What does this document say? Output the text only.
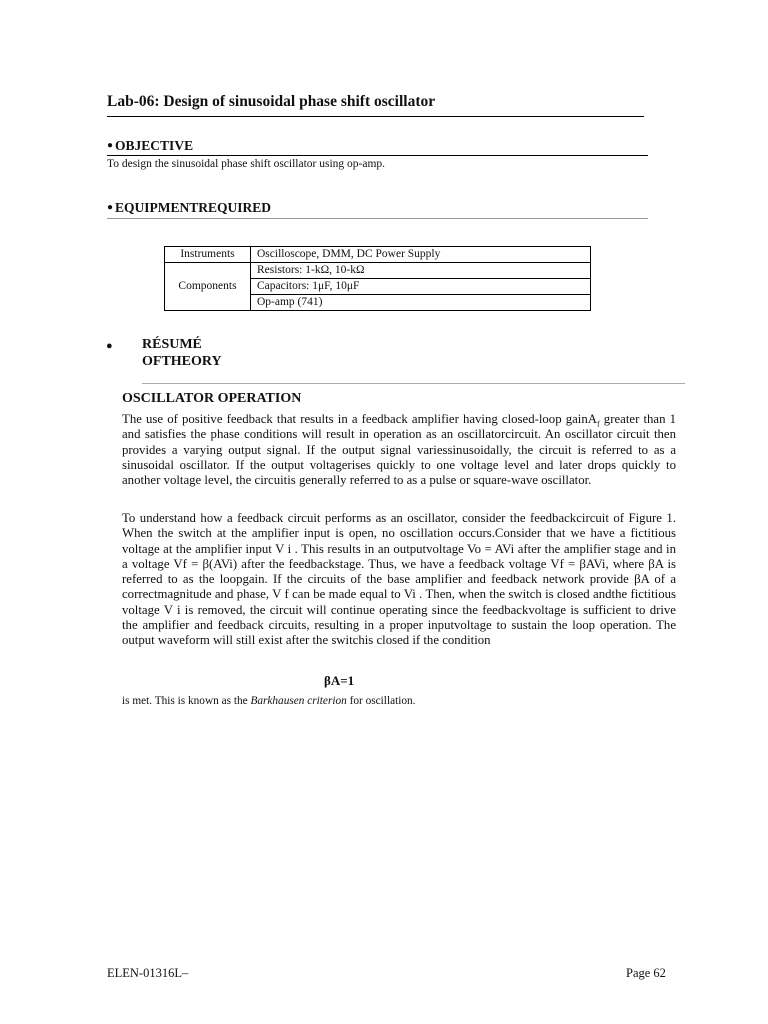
Lab-06: Design of sinusoidal phase shift oscillator
● OBJECTIVE
To design the sinusoidal phase shift oscillator using op-amp.
● EQUIPMENTREQUIRED
Instruments	Oscilloscope, DMM, DC Power Supply
Components	Resistors: 1-kΩ, 10-kΩ
	Capacitors: 1μF, 10μF
	Op-amp (741)
● RÉSUMÉ
OFTHEORY
OSCILLATOR OPERATION

The use of positive feedback that results in a feedback amplifier having closed-loop gainA$_f$ greater than 1 and satisfies the phase conditions will result in operation as an oscillatorcircuit. An oscillator circuit then provides a varying output signal. If the output signal variessinusoidally, the circuit is referred to as a sinusoidal oscillator. If the output voltagerises quickly to one voltage level and later drops quickly to another voltage level, the circuitis generally referred to as a pulse or square-wave oscillator.

To understand how a feedback circuit performs as an oscillator, consider the feedbackcircuit of Figure 1. When the switch at the amplifier input is open, no oscillation occurs.Consider that we have a fictitious voltage at the amplifier input V i . This results in an outputvoltage Vo = AVi after the amplifier stage and in a voltage Vf = β(AVi) after the feedbackstage. Thus, we have a feedback voltage Vf = βAVi, where βA is referred to as the loopgain. If the circuits of the base amplifier and feedback network provide βA of a correctmagnitude and phase, V f can be made equal to Vi . Then, when the switch is closed andthe fictitious voltage V i is removed, the circuit will continue operating since the feedbackvoltage is sufficient to drive the amplifier and feedback circuits, resulting in a proper inputvoltage to sustain the loop operation. The output waveform will still exist after the switchis closed if the condition

βA=1
is met. This is known as the Barkhausen criterion for oscillation.
ELEN-01316L–	Page 62
